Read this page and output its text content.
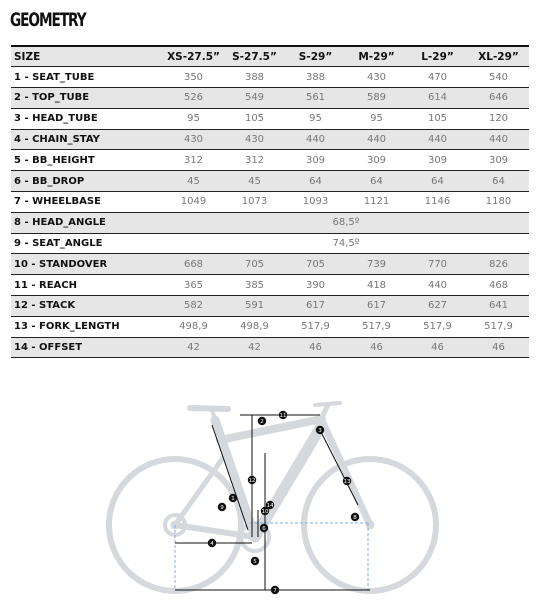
GEOMETRY
SIZE	XS-27.5”	S-27.5”	S-29”	M-29”	L-29”	XL-29”
1 - SEAT_TUBE	350	388	388	430	470	540
2 - TOP_TUBE	526	549	561	589	614	646
3 - HEAD_TUBE	95	105	95	95	105	120
4 - CHAIN_STAY	430	430	440	440	440	440
5 - BB_HEIGHT	312	312	309	309	309	309
6 - BB_DROP	45	45	64	64	64	64
7 - WHEELBASE	1049	1073	1093	1121	1146	1180
8 - HEAD_ANGLE	68,5º					
9 - SEAT_ANGLE	74,5º					
10 - STANDOVER	668	705	705	739	770	826
11 - REACH	365	385	390	418	440	468
12 - STACK	582	591	617	617	627	641
13 - FORK_LENGTH	498,9	498,9	517,9	517,9	517,9	517,9
14 - OFFSET	42	42	46	46	46	46
1
2
3
4
5
6
7
8
9
10
11
12	13
14
